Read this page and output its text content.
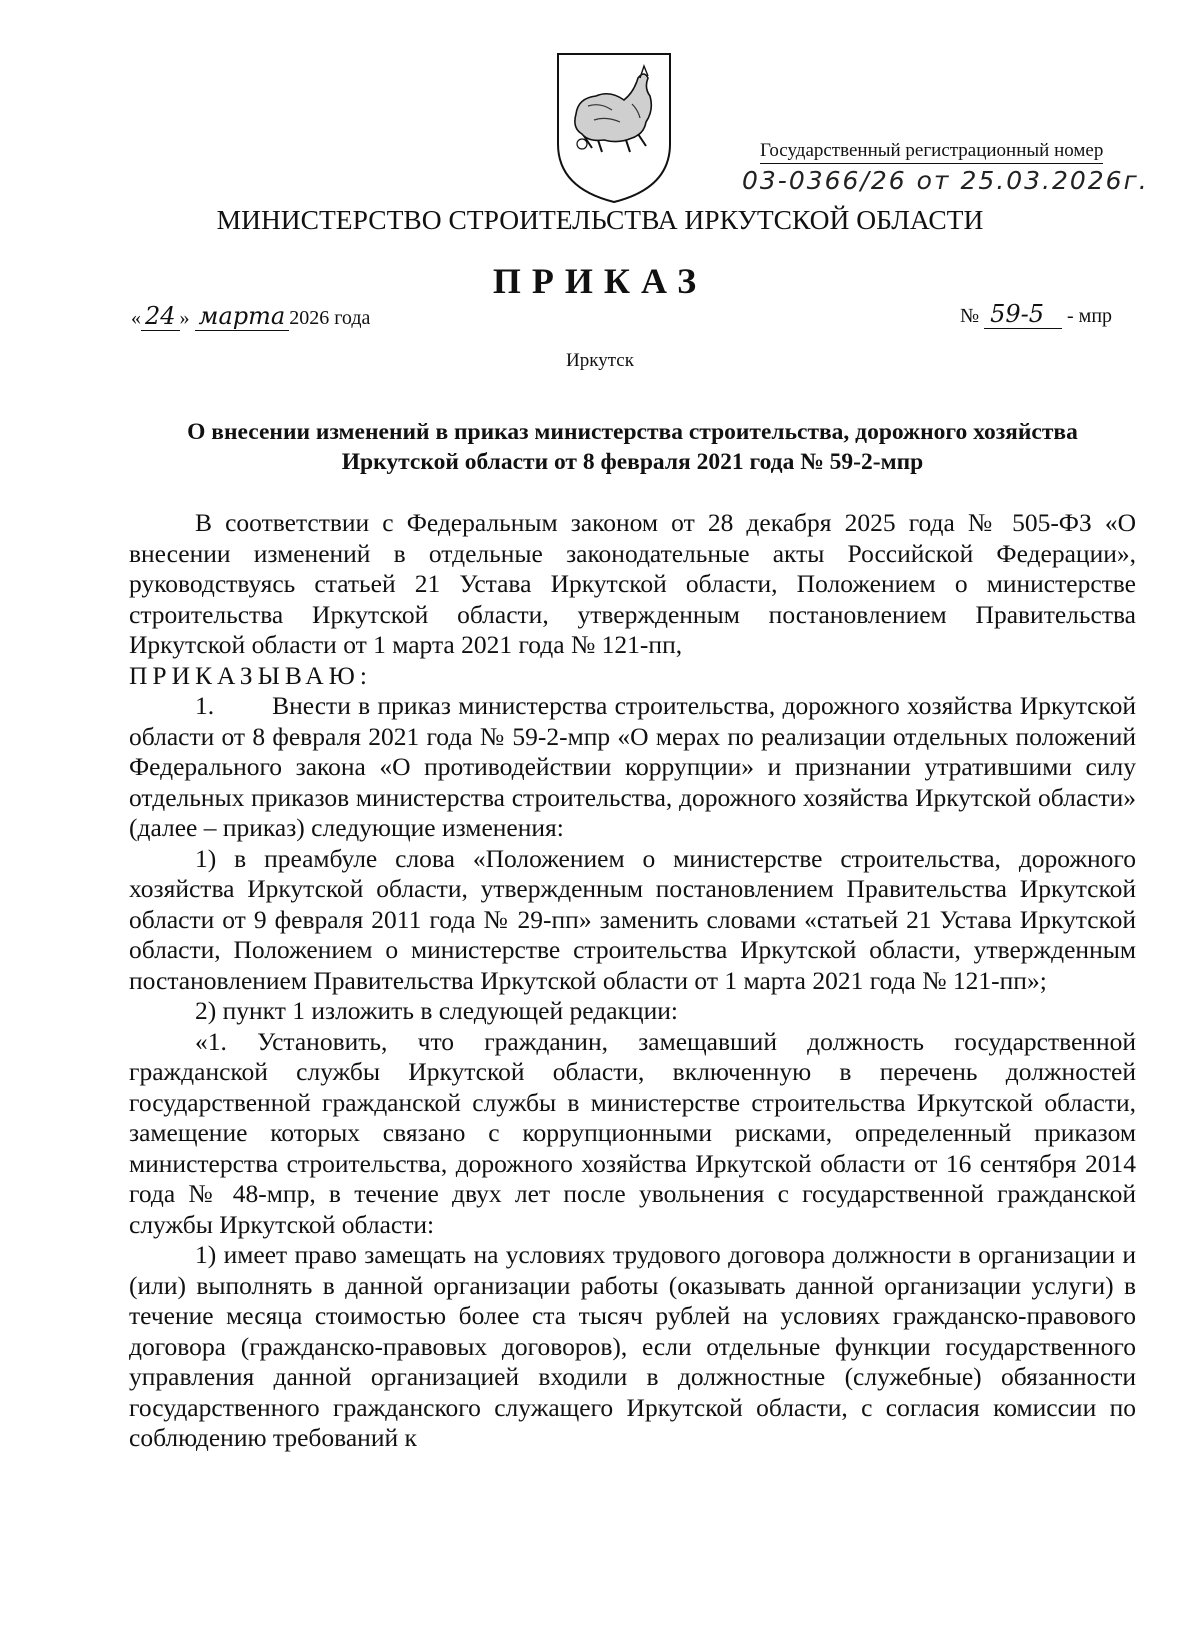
Государственный регистрационный номер
03-0366/26 от 25.03.2026г.
МИНИСТЕРСТВО СТРОИТЕЛЬСТВА ИРКУТСКОЙ ОБЛАСТИ
ПРИКАЗ
« 24 » марта 2026 года	№ 59-5 - мпр
Иркутск
О внесении изменений в приказ министерства строительства, дорожного хозяйства Иркутской области от 8 февраля 2021 года № 59-2-мпр

В соответствии с Федеральным законом от 28 декабря 2025 года № 505-ФЗ «О внесении изменений в отдельные законодательные акты Российской Федерации», руководствуясь статьей 21 Устава Иркутской области, Положением о министерстве строительства Иркутской области, утвержденным постановлением Правительства Иркутской области от 1 марта 2021 года № 121-пп,

ПРИКАЗЫВАЮ:

1. Внести в приказ министерства строительства, дорожного хозяйства Иркутской области от 8 февраля 2021 года № 59-2-мпр «О мерах по реализации отдельных положений Федерального закона «О противодействии коррупции» и признании утратившими силу отдельных приказов министерства строительства, дорожного хозяйства Иркутской области» (далее – приказ) следующие изменения:

1) в преамбуле слова «Положением о министерстве строительства, дорожного хозяйства Иркутской области, утвержденным постановлением Правительства Иркутской области от 9 февраля 2011 года № 29-пп» заменить словами «статьей 21 Устава Иркутской области, Положением о министерстве строительства Иркутской области, утвержденным постановлением Правительства Иркутской области от 1 марта 2021 года № 121-пп»;

2) пункт 1 изложить в следующей редакции:

«1. Установить, что гражданин, замещавший должность государственной гражданской службы Иркутской области, включенную в перечень должностей государственной гражданской службы в министерстве строительства Иркутской области, замещение которых связано с коррупционными рисками, определенный приказом министерства строительства, дорожного хозяйства Иркутской области от 16 сентября 2014 года № 48-мпр, в течение двух лет после увольнения с государственной гражданской службы Иркутской области:

1) имеет право замещать на условиях трудового договора должности в организации и (или) выполнять в данной организации работы (оказывать данной организации услуги) в течение месяца стоимостью более ста тысяч рублей на условиях гражданско-правового договора (гражданско-правовых договоров), если отдельные функции государственного управления данной организацией входили в должностные (служебные) обязанности государственного гражданского служащего Иркутской области, с согласия комиссии по соблюдению требований к
